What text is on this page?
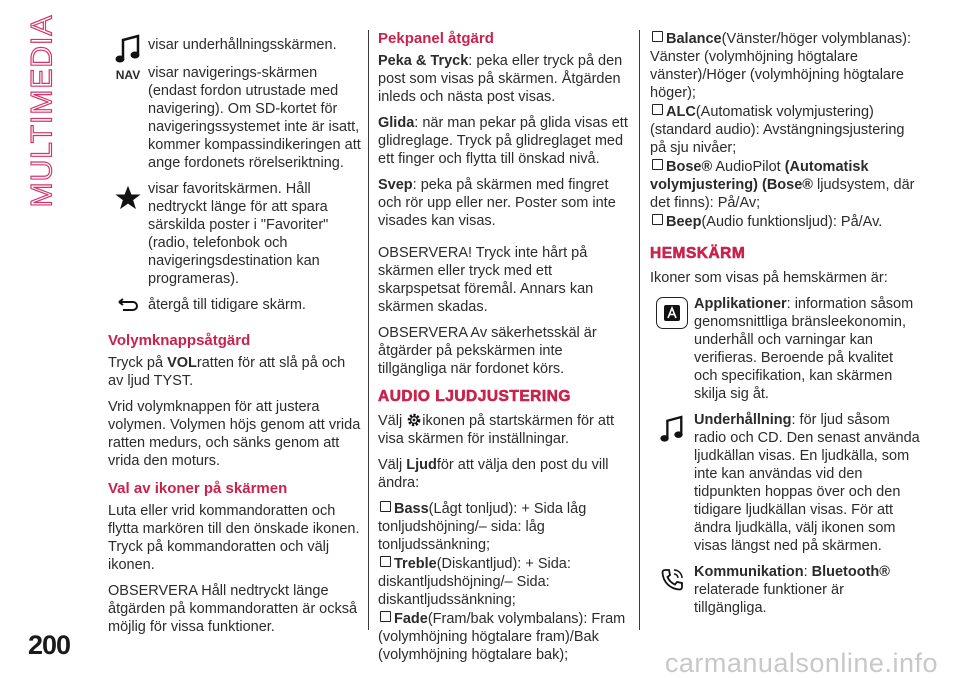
MULTIMEDIA	NAV

visar underhållningsskärmen.

visar navigerings-skärmen (endast fordon utrustade med navigering). Om SD-kortet för navigeringssystemet inte är isatt, kommer kompassindikeringen att ange fordonets rörelseriktning.

visar favoritskärmen. Håll nedtryckt länge för att spara särskilda poster i "Favoriter" (radio, telefonbok och navigeringsdestination kan programeras).

återgå till tidigare skärm.

Volymknappsåtgärd

Tryck på VOLratten för att slå på och av ljud TYST.

Vrid volymknappen för att justera volymen. Volymen höjs genom att vrida ratten medurs, och sänks genom att vrida den moturs.

Val av ikoner på skärmen

Luta eller vrid kommandoratten och flytta markören till den önskade ikonen. Tryck på kommandoratten och välj ikonen.

OBSERVERA Håll nedtryckt länge åtgärden på kommandoratten är också möjlig för vissa funktioner.

Pekpanel åtgärd

Peka & Tryck: peka eller tryck på den post som visas på skärmen. Åtgärden inleds och nästa post visas.

Glida: när man pekar på glida visas ett glidreglage. Tryck på glidreglaget med ett finger och flytta till önskad nivå.

Svep: peka på skärmen med fingret och rör upp eller ner. Poster som inte visades kan visas.

OBSERVERA! Tryck inte hårt på skärmen eller tryck med ett skarpspetsat föremål. Annars kan skärmen skadas.

OBSERVERA Av säkerhetsskäl är åtgärder på pekskärmen inte tillgängliga när fordonet körs.

AUDIO LJUDJUSTERING

Välj ikonen på startskärmen för att visa skärmen för inställningar.

Välj Ljudför att välja den post du vill ändra:

Bass(Lågt tonljud): + Sida låg tonljudshöjning/– sida: låg tonljudssänkning;
Treble(Diskantljud): + Sida: diskantljudshöjning/– Sida: diskantljudssänkning;
Fade(Fram/bak volymbalans): Fram (volymhöjning högtalare fram)/Bak (volymhöjning högtalare bak);
Balance(Vänster/höger volymblanas): Vänster (volymhöjning högtalare vänster)/Höger (volymhöjning högtalare höger);
ALC(Automatisk volymjustering) (standard audio): Avstängningsjustering på sju nivåer;
Bose® AudioPilot (Automatisk volymjustering) (Bose® ljudsystem, där det finns): På/Av;
Beep(Audio funktionsljud): På/Av.
HEMSKÄRM

Ikoner som visas på hemskärmen är:

Applikationer: information såsom genomsnittliga bränsleekonomin, underhåll och varningar kan verifieras. Beroende på kvalitet och specifikation, kan skärmen skilja sig åt.

Underhållning: för ljud såsom radio och CD. Den senast använda ljudkällan visas. En ljudkälla, som inte kan användas vid den tidpunkten hoppas över och den tidigare ljudkällan visas. För att ändra ljudkälla, välj ikonen som visas längst ned på skärmen.

Kommunikation: Bluetooth® relaterade funktioner är tillgängliga.

200
carmanualsonline.info
